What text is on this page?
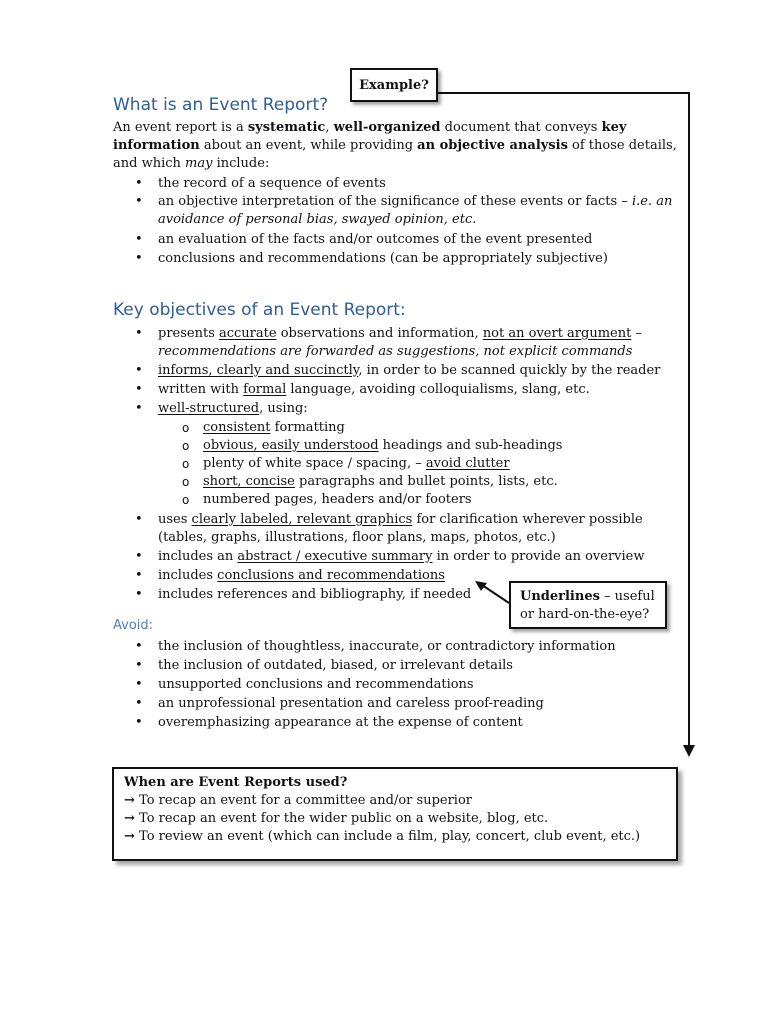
Example?
What is an Event Report?
An event report is a systematic, well-organized document that conveys key
information about an event, while providing an objective analysis of those details,
and which may include:
• the record of a sequence of events
• an objective interpretation of the significance of these events or facts – i.e. an
avoidance of personal bias, swayed opinion, etc.
• an evaluation of the facts and/or outcomes of the event presented
• conclusions and recommendations (can be appropriately subjective)
Key objectives of an Event Report:
• presents accurate observations and information, not an overt argument –
recommendations are forwarded as suggestions, not explicit commands
• informs, clearly and succinctly, in order to be scanned quickly by the reader
• written with formal language, avoiding colloquialisms, slang, etc.
• well-structured, using:
o consistent formatting
o obvious, easily understood headings and sub-headings
o plenty of white space / spacing, – avoid clutter
o short, concise paragraphs and bullet points, lists, etc.
o numbered pages, headers and/or footers
• uses clearly labeled, relevant graphics for clarification wherever possible
(tables, graphs, illustrations, floor plans, maps, photos, etc.)
• includes an abstract / executive summary in order to provide an overview
• includes conclusions and recommendations
• includes references and bibliography, if needed	Underlines – useful
or hard-on-the-eye?
Avoid:
• the inclusion of thoughtless, inaccurate, or contradictory information
• the inclusion of outdated, biased, or irrelevant details
• unsupported conclusions and recommendations
• an unprofessional presentation and careless proof-reading
• overemphasizing appearance at the expense of content
When are Event Reports used?
→ To recap an event for a committee and/or superior
→ To recap an event for the wider public on a website, blog, etc.
→ To review an event (which can include a film, play, concert, club event, etc.)
